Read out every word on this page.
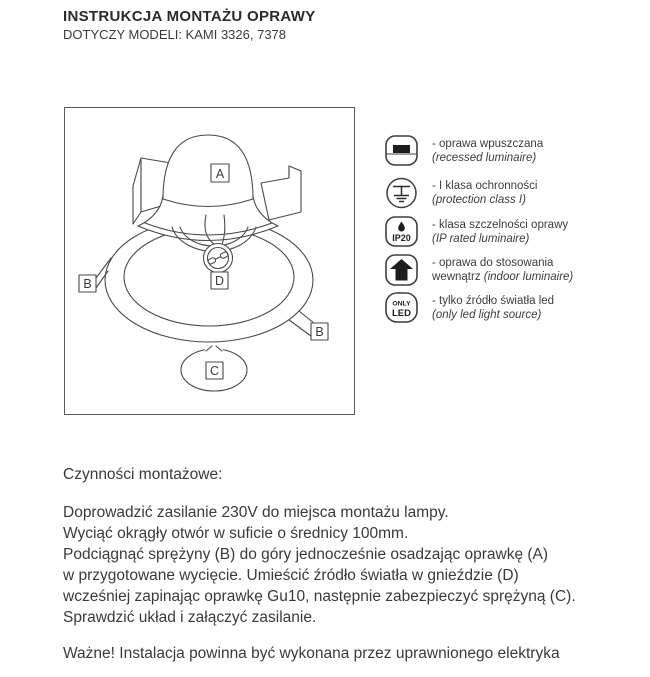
INSTRUKCJA MONTAŻU OPRAWY
DOTYCZY MODELI: KAMI 3326, 7378
A
B
B
D
C
- oprawa wpuszczana
(recessed luminaire)
- I klasa ochronności
(protection class I)
IP20
- klasa szczelności oprawy
(IP rated luminaire)
- oprawa do stosowania
wewnątrz (indoor luminaire)
ONLY
LED
- tylko źródło światła led
(only led light source)
Czynności montażowe:
Doprowadzić zasilanie 230V do miejsca montażu lampy.
Wyciąć okrągły otwór w suficie o średnicy 100mm.
Podciągnąć sprężyny (B) do góry jednocześnie osadzając oprawkę (A)
w przygotowane wycięcie. Umieścić źródło światła w gnieździe (D)
wcześniej zapinając oprawkę Gu10, następnie zabezpieczyć sprężyną (C).
Sprawdzić układ i załączyć zasilanie.
Ważne! Instalacja powinna być wykonana przez uprawnionego elektryka
